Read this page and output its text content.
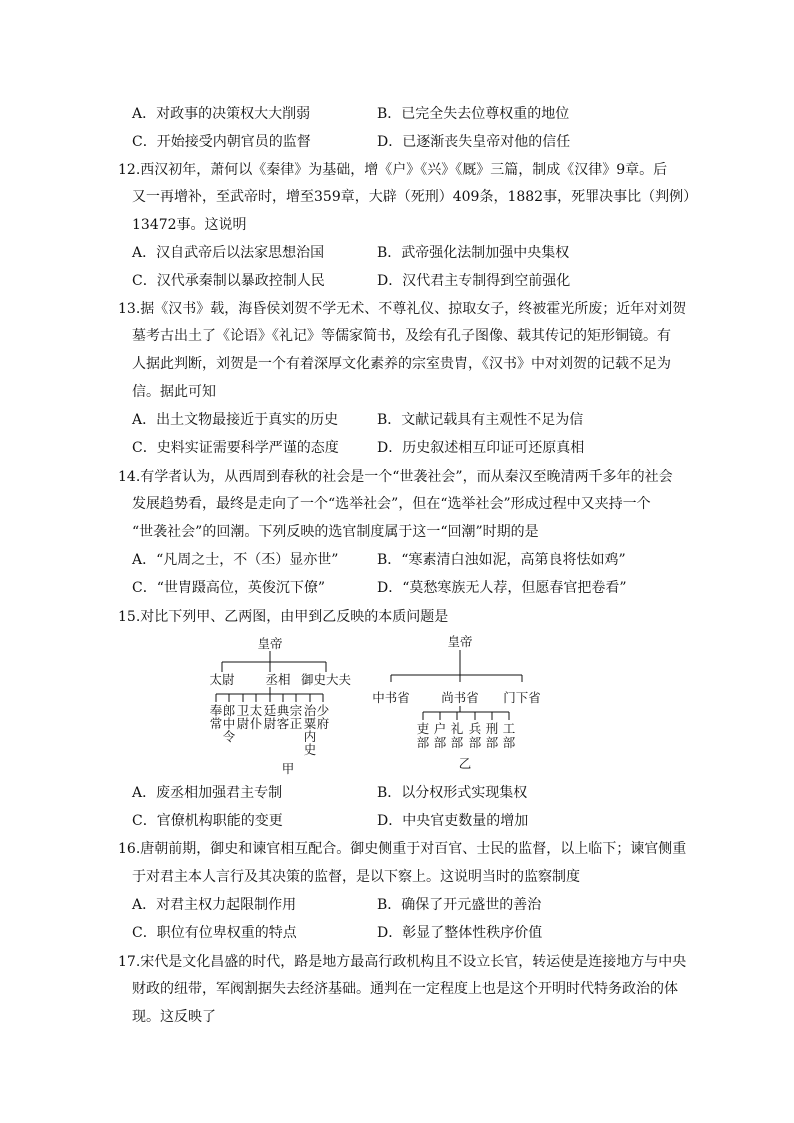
A．对政事的决策权大大削弱	B．已完全失去位尊权重的地位
C．开始接受内朝官员的监督	D．已逐渐丧失皇帝对他的信任
12.西汉初年，萧何以《秦律》为基础，增《户》《兴》《厩》三篇，制成《汉律》9章。后
又一再增补，至武帝时，增至359章，大辟（死刑）409条，1882事，死罪决事比（判例）
13472事。这说明
A．汉自武帝后以法家思想治国	B．武帝强化法制加强中央集权
C．汉代承秦制以暴政控制人民	D．汉代君主专制得到空前强化
13.据《汉书》载，海昏侯刘贺不学无术、不尊礼仪、掠取女子，终被霍光所废；近年对刘贺
墓考古出土了《论语》《礼记》等儒家简书，及绘有孔子图像、载其传记的矩形铜镜。有
人据此判断，刘贺是一个有着深厚文化素养的宗室贵胄，《汉书》中对刘贺的记载不足为
信。据此可知
A．出土文物最接近于真实的历史	B．文献记载具有主观性不足为信
C．史料实证需要科学严谨的态度	D．历史叙述相互印证可还原真相
14.有学者认为，从西周到春秋的社会是一个“世袭社会”，而从秦汉至晚清两千多年的社会
发展趋势看，最终是走向了一个“选举社会”，但在“选举社会”形成过程中又夹持一个
“世袭社会”的回潮。下列反映的选官制度属于这一“回潮”时期的是
A．“凡周之士，不（丕）显亦世”	B．“寒素清白浊如泥，高第良将怯如鸡”
C．“世胄蹑高位，英俊沉下僚”	D．“莫愁寒族无人荐，但愿春官把卷看”
15.对比下列甲、乙两图，由甲到乙反映的本质问题是
皇帝
太尉 丞相 御史大夫
奉常
郎中令
卫尉
太仆
廷尉
典客
宗正
治粟内史
少府
甲
皇帝
中书省	尚书省 门下省
吏部
户部
礼部
兵部
刑部
工部
乙
A．废丞相加强君主专制	B．以分权形式实现集权
C．官僚机构职能的变更	D．中央官吏数量的增加
16.唐朝前期，御史和谏官相互配合。御史侧重于对百官、士民的监督，以上临下；谏官侧重
于对君主本人言行及其决策的监督，是以下察上。这说明当时的监察制度
A．对君主权力起限制作用	B．确保了开元盛世的善治
C．职位有位卑权重的特点	D．彰显了整体性秩序价值
17.宋代是文化昌盛的时代，路是地方最高行政机构且不设立长官，转运使是连接地方与中央
财政的纽带，军阀割据失去经济基础。通判在一定程度上也是这个开明时代特务政治的体
现。这反映了
